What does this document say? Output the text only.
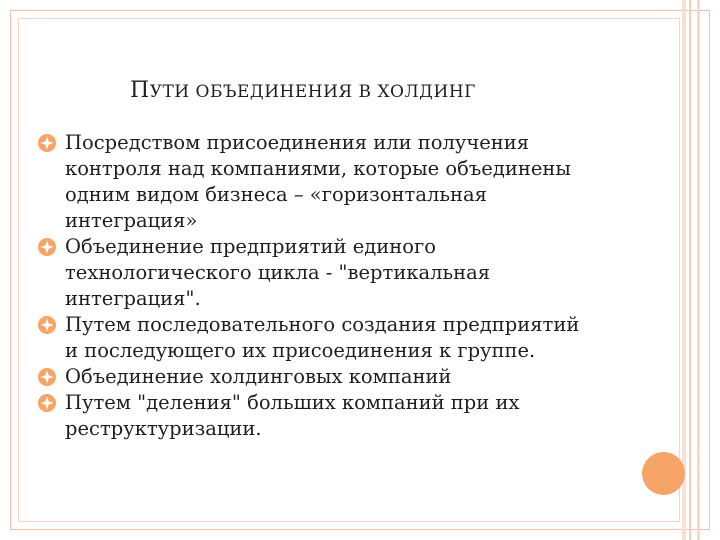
ПУТИ ОБЪЕДИНЕНИЯ В ХОЛДИНГ
Посредством присоединения или получения контроля над компаниями, которые объединены одним видом бизнеса – «горизонтальная интеграция»
Объединение предприятий единого технологического цикла - "вертикальная интеграция".
Путем последовательного создания предприятий и последующего их присоединения к группе.
Объединение холдинговых компаний
Путем "деления" больших компаний при их реструктуризации.
